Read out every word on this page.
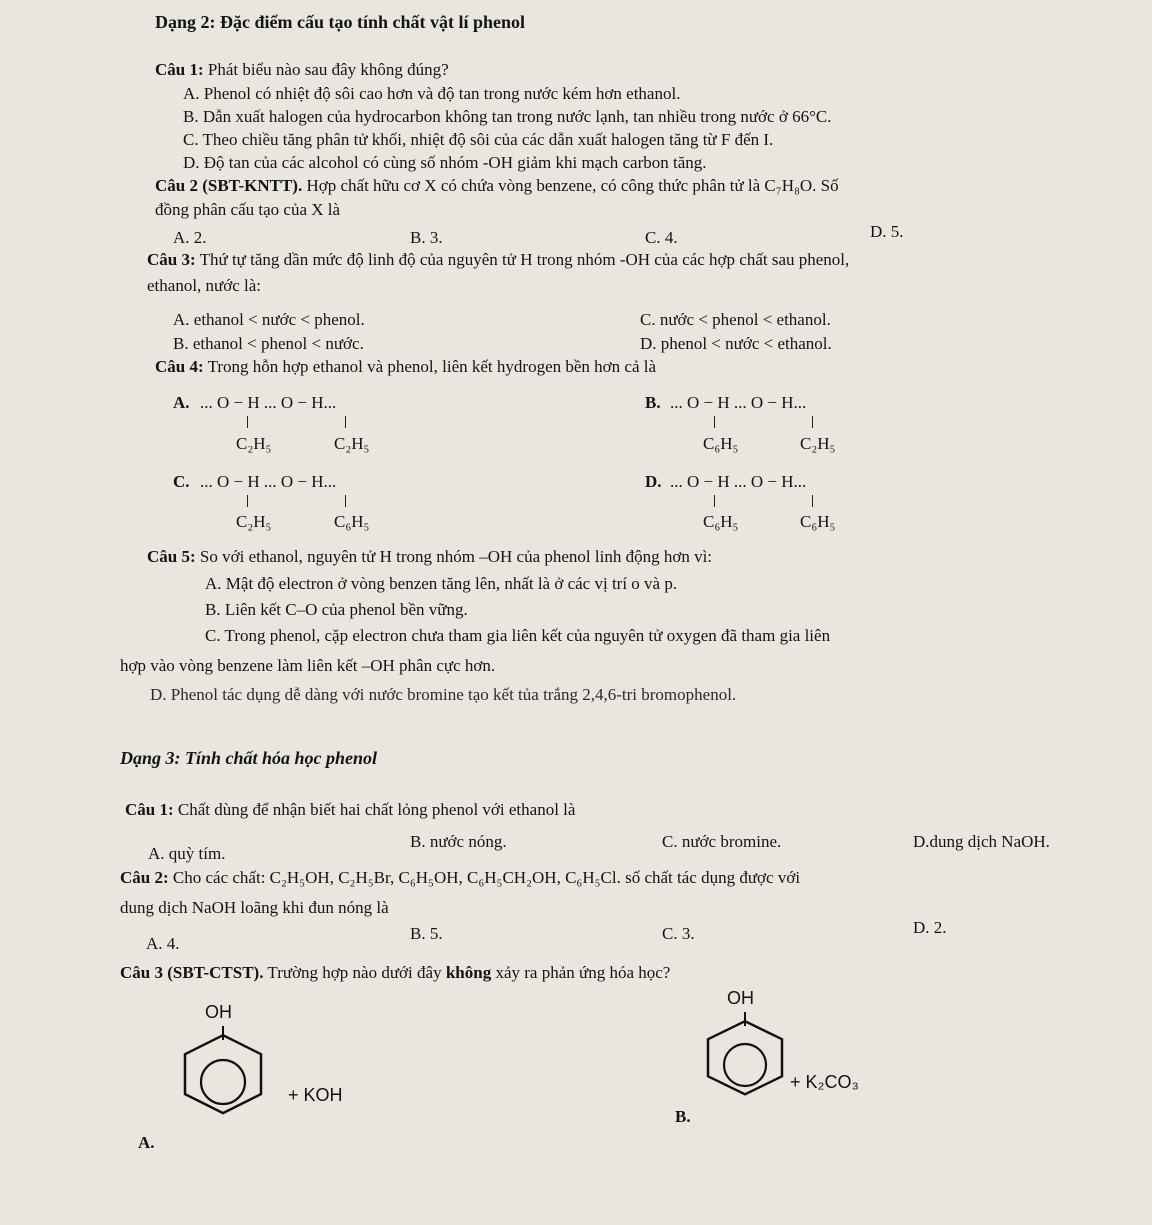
Dạng 2: Đặc điểm cấu tạo tính chất vật lí phenol
Câu 1: Phát biểu nào sau đây không đúng?
A. Phenol có nhiệt độ sôi cao hơn và độ tan trong nước kém hơn ethanol.
B. Dẫn xuất halogen của hydrocarbon không tan trong nước lạnh, tan nhiều trong nước ở 66°C.
C. Theo chiều tăng phân tử khối, nhiệt độ sôi của các dẫn xuất halogen tăng từ F đến I.
D. Độ tan của các alcohol có cùng số nhóm -OH giảm khi mạch carbon tăng.
Câu 2 (SBT-KNTT). Hợp chất hữu cơ X có chứa vòng benzene, có công thức phân tử là C₇H₈O. Số
đồng phân cấu tạo của X là
A. 2.	B. 3.	C. 4.	D. 5.
Câu 3: Thứ tự tăng dần mức độ linh độ của nguyên tử H trong nhóm -OH của các hợp chất sau phenol,
ethanol, nước là:
A. ethanol < nước < phenol.	C. nước < phenol < ethanol.
B. ethanol < phenol < nước.	D. phenol < nước < ethanol.
Câu 4: Trong hỗn hợp ethanol và phenol, liên kết hydrogen bền hơn cả là
A. ... O − H ... O − H...
C₂H₅	C₂H₅
B. ... O − H ... O − H...
C₆H₅	C₂H₅
C. ... O − H ... O − H...
C₂H₅	C₆H₅
D. ... O − H ... O − H...
C₆H₅	C₆H₅
Câu 5: So với ethanol, nguyên tử H trong nhóm –OH của phenol linh động hơn vì:
A. Mật độ electron ở vòng benzen tăng lên, nhất là ở các vị trí o và p.
B. Liên kết C–O của phenol bền vững.
C. Trong phenol, cặp electron chưa tham gia liên kết của nguyên tử oxygen đã tham gia liên
hợp vào vòng benzene làm liên kết –OH phân cực hơn.
D. Phenol tác dụng dễ dàng với nước bromine tạo kết tủa trắng 2,4,6-tri bromophenol.
Dạng 3: Tính chất hóa học phenol
Câu 1: Chất dùng để nhận biết hai chất lỏng phenol với ethanol là
A. quỳ tím.
B. nước nóng.	C. nước bromine.	D.dung dịch NaOH.
Câu 2: Cho các chất: C₂H₅OH, C₂H₅Br, C₆H₅OH, C₆H₅CH₂OH, C₆H₅Cl. số chất tác dụng được với
dung dịch NaOH loãng khi đun nóng là
A. 4.
B. 5.	C. 3.	D. 2.
Câu 3 (SBT-CTST). Trường hợp nào dưới đây không xảy ra phản ứng hóa học?
OH
+ KOH
A.
OH
+ K₂CO₃
B.
